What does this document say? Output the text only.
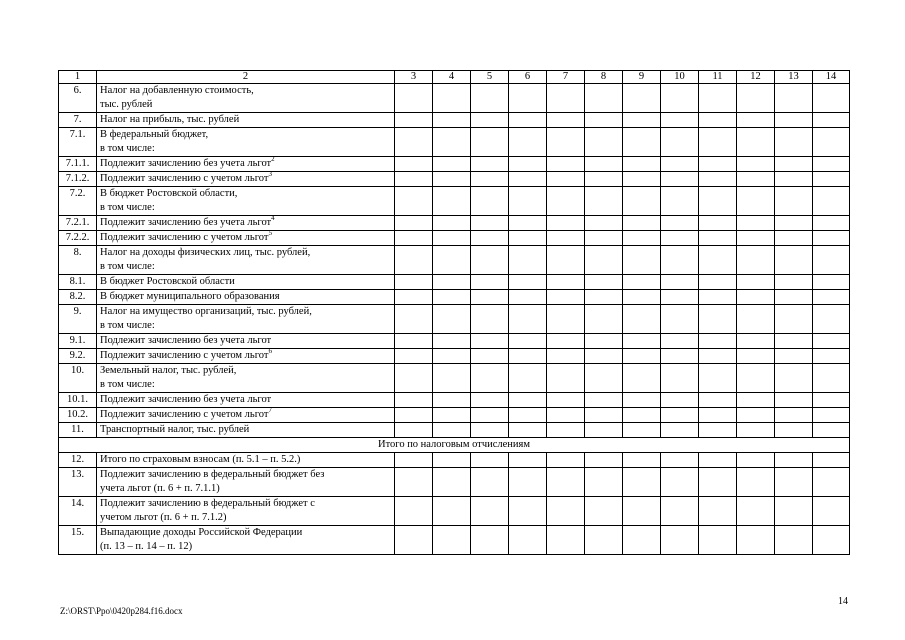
1	2	3	4	5	6	7	8	9	10	11	12	13	14
6.	Налог на добавленную стоимость,
тыс. рублей												

7.	Налог на прибыль, тыс. рублей												

7.1.	В федеральный бюджет,
в том числе:												

7.1.1.	Подлежит зачислению без учета льгот$^2$

7.1.2.	Подлежит зачислению с учетом льгот$^3$

7.2.	В бюджет Ростовской области,
в том числе:												

7.2.1.	Подлежит зачислению без учета льгот$^4$

7.2.2.	Подлежит зачислению с учетом льгот$^5$

8.	Налог на доходы физических лиц, тыс. рублей,
в том числе:												

8.1.	В бюджет Ростовской области												

8.2.	В бюджет муниципального образования												

9.	Налог на имущество организаций, тыс. рублей,
в том числе:												

9.1.	Подлежит зачислению без учета льгот												

9.2.	Подлежит зачислению с учетом льгот$^6$

10.	Земельный налог, тыс. рублей,
в том числе:												

10.1.	Подлежит зачислению без учета льгот												

10.2.	Подлежит зачислению с учетом льгот$^7$

11.	Транспортный налог, тыс. рублей												

Итого по налоговым отчислениям													
12.	Итого по страховым взносам (п. 5.1 – п. 5.2.)												

13.	Подлежит зачислению в федеральный бюджет без
учета льгот (п. 6 + п. 7.1.1)												

14.	Подлежит зачислению в федеральный бюджет с
учетом льгот (п. 6 + п. 7.1.2)												

15.	Выпадающие доходы Российской Федерации
(п. 13 – п. 14 – п. 12)												

14
Z:\ORST\Ppo\0420p284.f16.docx
